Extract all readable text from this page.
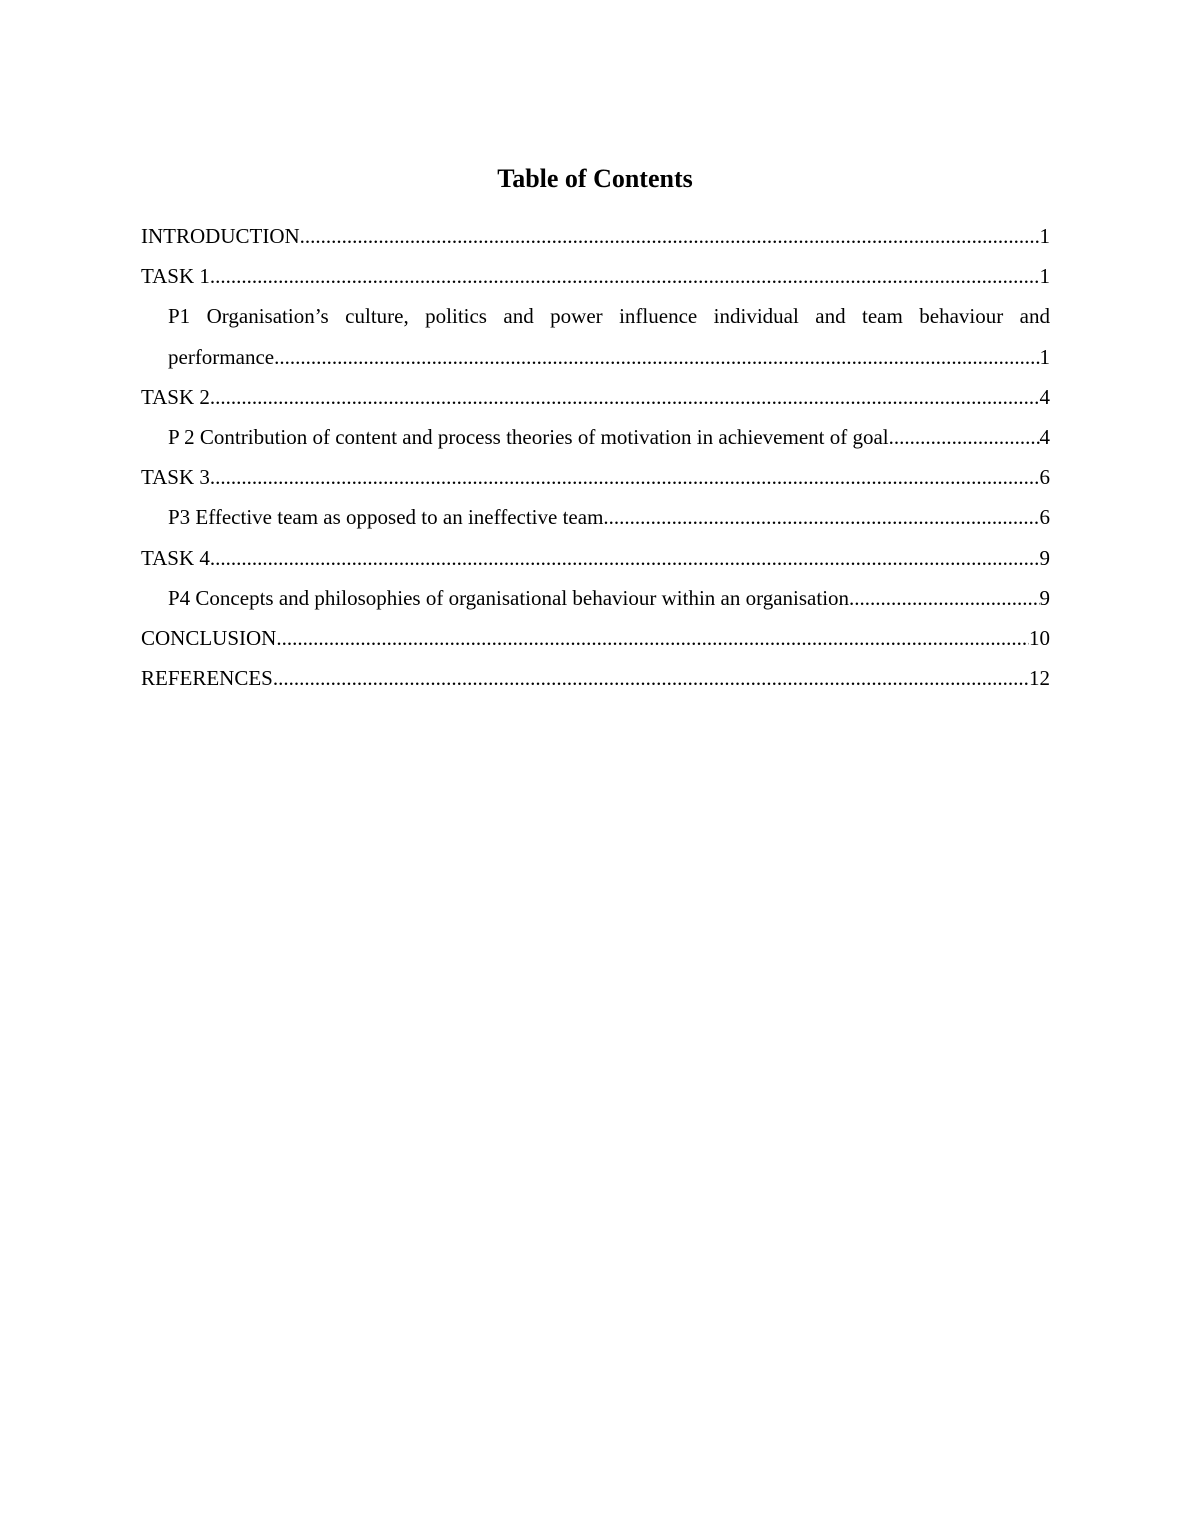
Table of Contents
INTRODUCTION .....	1
TASK 1 .....	1
P1 Organisation’s culture, politics and power influence individual and team behaviour and
performance .....	1
TASK 2 .....	4
P 2 Contribution of content and process theories of motivation in achievement of goal .....	4
TASK 3 .....	6
P3 Effective team as opposed to an ineffective team .....	6
TASK 4 .....	9
P4 Concepts and philosophies of organisational behaviour within an organisation .....	9
CONCLUSION .....	10
REFERENCES .....	12
